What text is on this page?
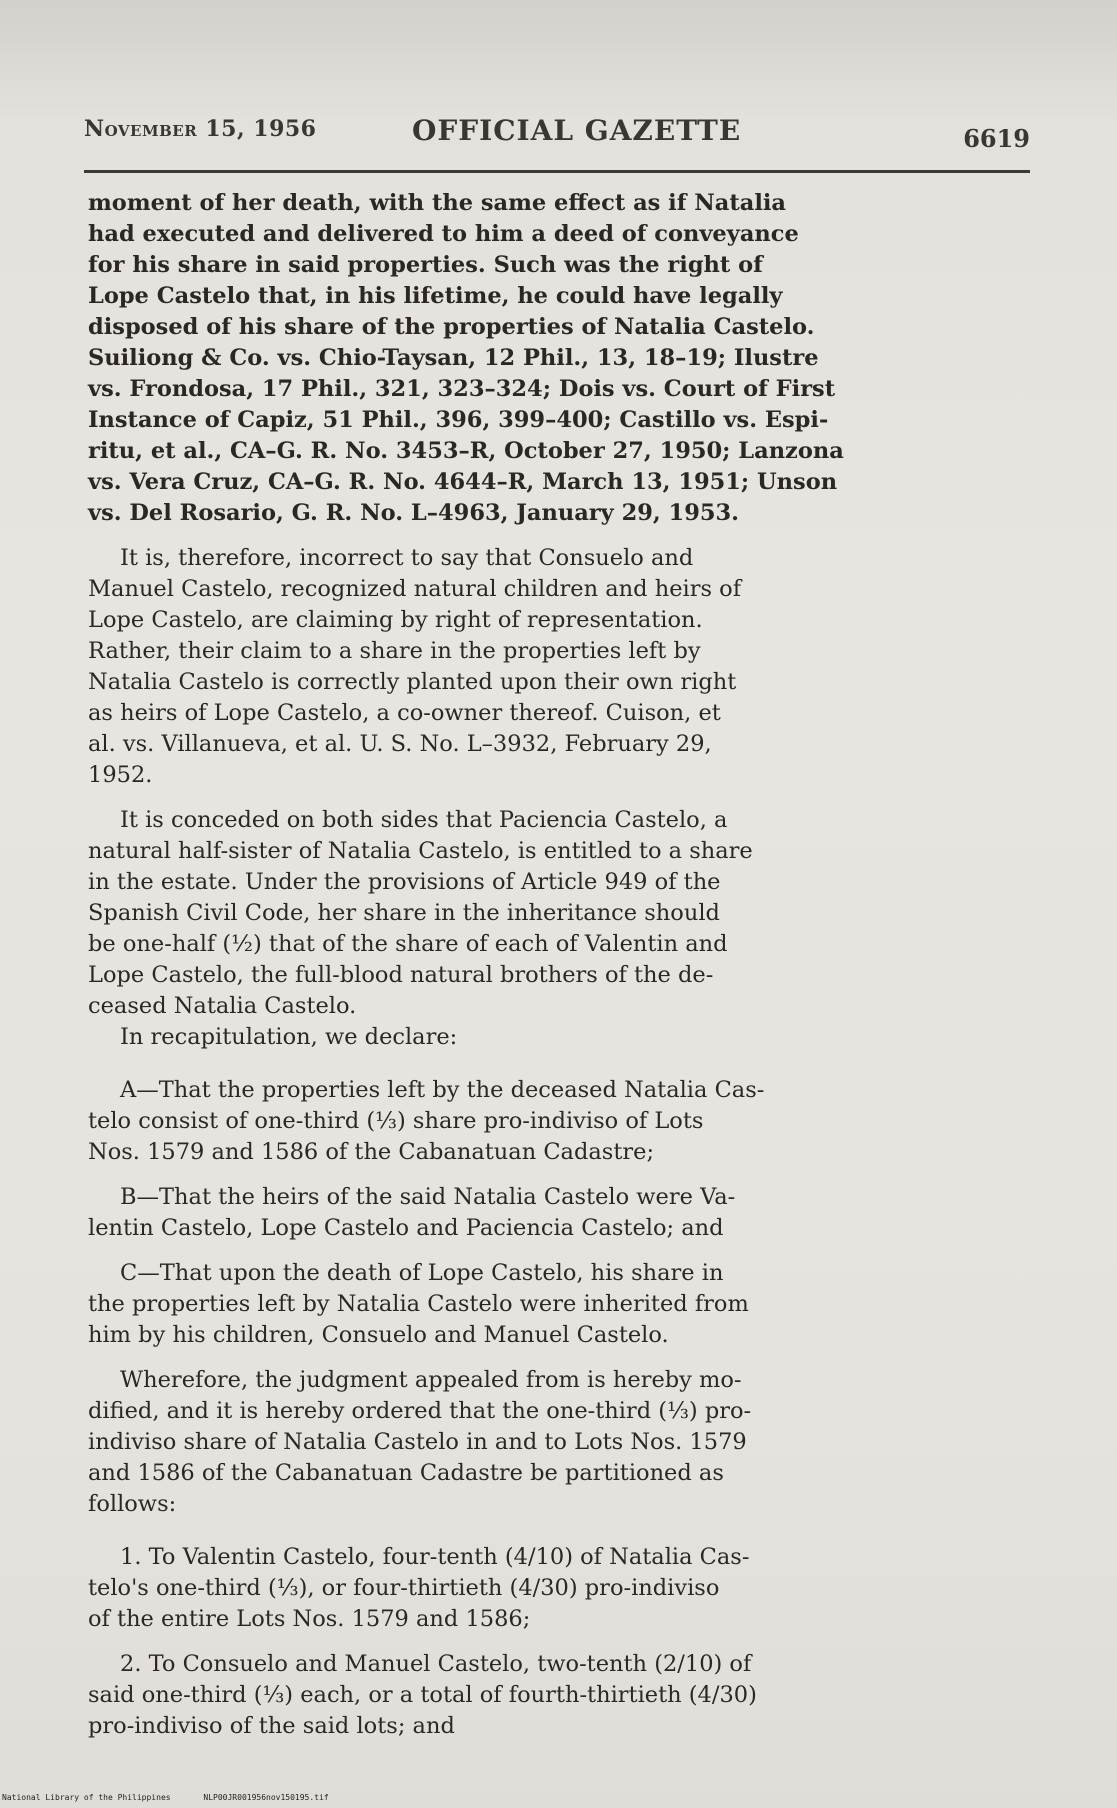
November 15, 1956	OFFICIAL GAZETTE	6619

moment of her death, with the same effect as if Natalia
had executed and delivered to him a deed of conveyance
for his share in said properties. Such was the right of
Lope Castelo that, in his lifetime, he could have legally
disposed of his share of the properties of Natalia Castelo.
Suiliong & Co. vs. Chio-Taysan, 12 Phil., 13, 18–19; Ilustre
vs. Frondosa, 17 Phil., 321, 323–324; Dois vs. Court of First
Instance of Capiz, 51 Phil., 396, 399–400; Castillo vs. Espi-
ritu, et al., CA–G. R. No. 3453–R, October 27, 1950; Lanzona
vs. Vera Cruz, CA–G. R. No. 4644–R, March 13, 1951; Unson
vs. Del Rosario, G. R. No. L–4963, January 29, 1953.

It is, therefore, incorrect to say that Consuelo and
Manuel Castelo, recognized natural children and heirs of
Lope Castelo, are claiming by right of representation.
Rather, their claim to a share in the properties left by
Natalia Castelo is correctly planted upon their own right
as heirs of Lope Castelo, a co-owner thereof. Cuison, et
al. vs. Villanueva, et al. U. S. No. L–3932, February 29,
1952.

It is conceded on both sides that Paciencia Castelo, a
natural half-sister of Natalia Castelo, is entitled to a share
in the estate. Under the provisions of Article 949 of the
Spanish Civil Code, her share in the inheritance should
be one-half (½) that of the share of each of Valentin and
Lope Castelo, the full-blood natural brothers of the de-
ceased Natalia Castelo.

In recapitulation, we declare:

A—That the properties left by the deceased Natalia Cas-
telo consist of one-third (⅓) share pro-indiviso of Lots
Nos. 1579 and 1586 of the Cabanatuan Cadastre;

B—That the heirs of the said Natalia Castelo were Va-
lentin Castelo, Lope Castelo and Paciencia Castelo; and

C—That upon the death of Lope Castelo, his share in
the properties left by Natalia Castelo were inherited from
him by his children, Consuelo and Manuel Castelo.

Wherefore, the judgment appealed from is hereby mo-
dified, and it is hereby ordered that the one-third (⅓) pro-
indiviso share of Natalia Castelo in and to Lots Nos. 1579
and 1586 of the Cabanatuan Cadastre be partitioned as
follows:

1. To Valentin Castelo, four-tenth (4/10) of Natalia Cas-
telo's one-third (⅓), or four-thirtieth (4/30) pro-indiviso
of the entire Lots Nos. 1579 and 1586;

2. To Consuelo and Manuel Castelo, two-tenth (2/10) of
said one-third (⅓) each, or a total of fourth-thirtieth (4/30)
pro-indiviso of the said lots; and

National Library of the Philippines	NLP00JR001956nov150195.tif
